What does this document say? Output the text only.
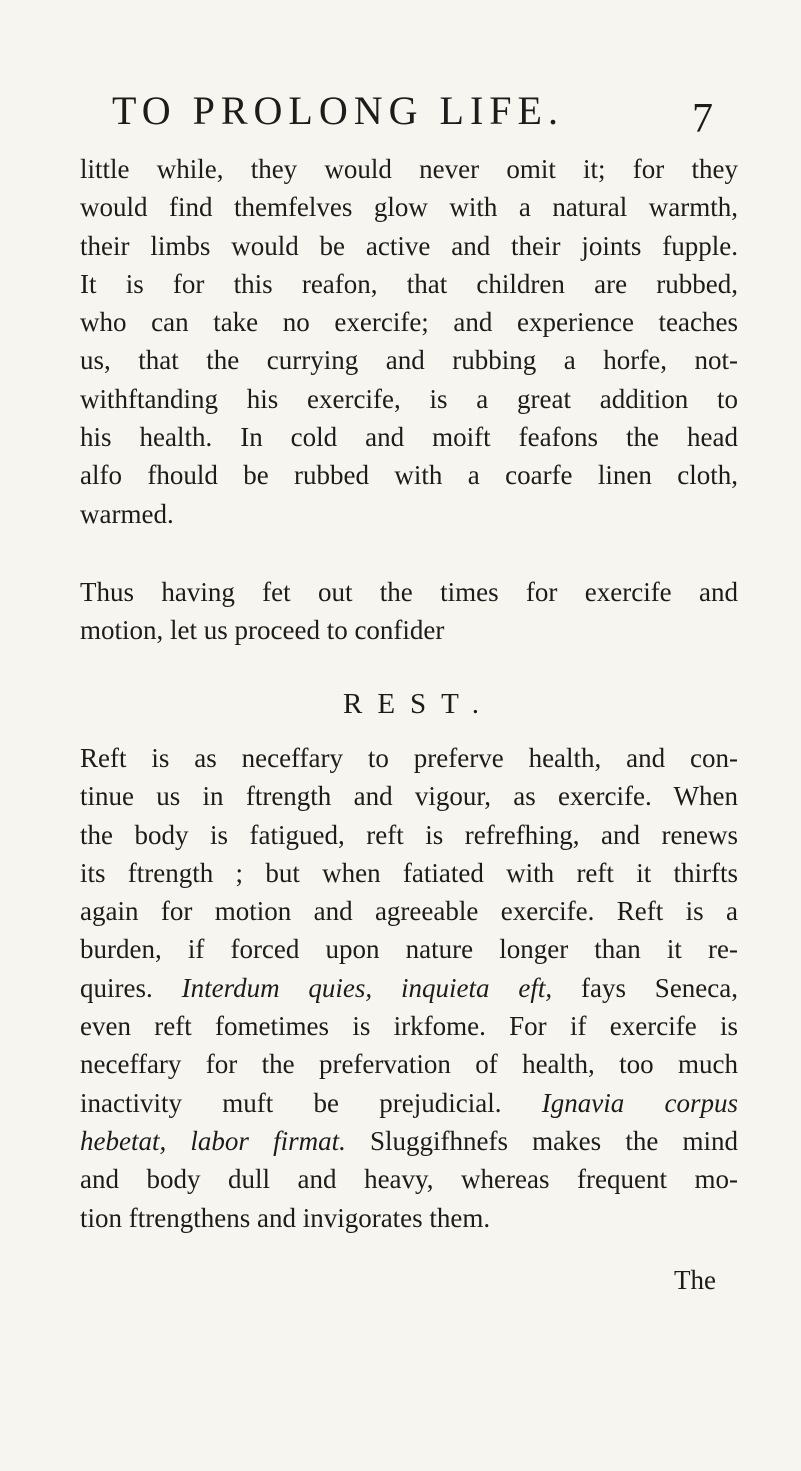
TO PROLONG LIFE.	7
little while, they would never omit it; for they
would find themfelves glow with a natural warmth,
their limbs would be active and their joints fupple.
It is for this reafon, that children are rubbed,
who can take no exercife; and experience teaches
us, that the currying and rubbing a horfe, not-
withftanding his exercife, is a great addition to
his health. In cold and moift feafons the head
alfo fhould be rubbed with a coarfe linen cloth,
warmed.
Thus having fet out the times for exercife and
motion, let us proceed to confider
REST.
Reft is as neceffary to preferve health, and con-
tinue us in ftrength and vigour, as exercife. When
the body is fatigued, reft is refrefhing, and renews
its ftrength ; but when fatiated with reft it thirfts
again for motion and agreeable exercife. Reft is a
burden, if forced upon nature longer than it re-
quires. Interdum quies, inquieta eft, fays Seneca,
even reft fometimes is irkfome. For if exercife is
neceffary for the prefervation of health, too much
inactivity muft be prejudicial. Ignavia corpus
hebetat, labor firmat. Sluggifhnefs makes the mind
and body dull and heavy, whereas frequent mo-
tion ftrengthens and invigorates them.
The
